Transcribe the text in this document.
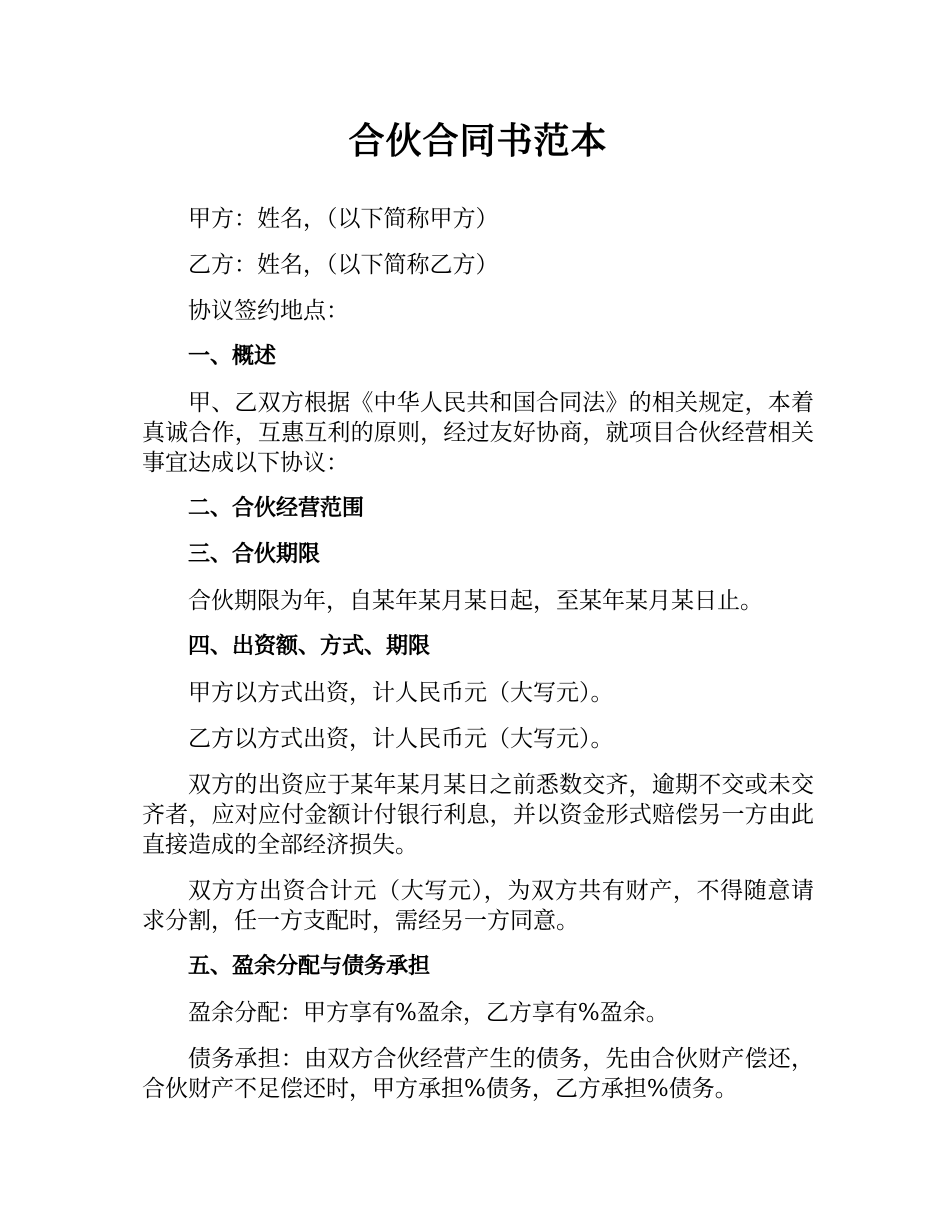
合伙合同书范本

甲方：姓名，（以下简称甲方）

乙方：姓名，（以下简称乙方）

协议签约地点：

一、概述

甲、乙双方根据《中华人民共和国合同法》的相关规定，本着真诚合作，互惠互利的原则，经过友好协商，就项目合伙经营相关事宜达成以下协议：

二、合伙经营范围

三、合伙期限

合伙期限为年，自某年某月某日起，至某年某月某日止。

四、出资额、方式、期限

甲方以方式出资，计人民币元（大写元）。

乙方以方式出资，计人民币元（大写元）。

双方的出资应于某年某月某日之前悉数交齐，逾期不交或未交齐者，应对应付金额计付银行利息，并以资金形式赔偿另一方由此直接造成的全部经济损失。

双方方出资合计元（大写元），为双方共有财产，不得随意请求分割，任一方支配时，需经另一方同意。

五、盈余分配与债务承担

盈余分配：甲方享有%盈余，乙方享有%盈余。

债务承担：由双方合伙经营产生的债务，先由合伙财产偿还，合伙财产不足偿还时，甲方承担%债务，乙方承担%债务。
